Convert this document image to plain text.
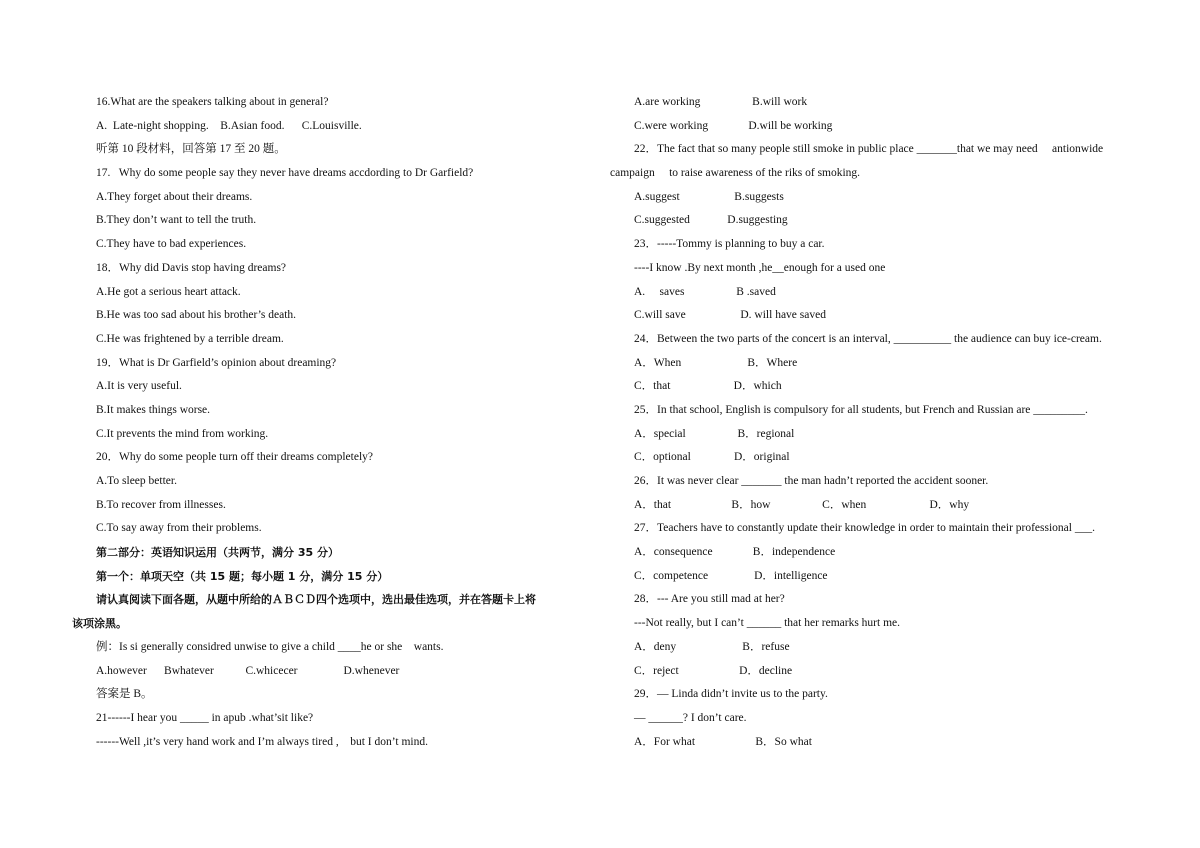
16.What are the speakers talking about in general?
A.  Late-night shopping.    B.Asian food.      C.Louisville.
听第 10 段材料，回答第 17 至 20 题。
17.   Why do some people say they never have dreams accdording to Dr Garfield?
A.They forget about their dreams.
B.They don’t want to tell the truth.
C.They have to bad experiences.
18．Why did Davis stop having dreams?
A.He got a serious heart attack.
B.He was too sad about his brother’s death.
C.He was frightened by a terrible dream.
19．What is Dr Garfield’s opinion about dreaming?
A.It is very useful.
B.It makes things worse.
C.It prevents the mind from working.
20．Why do some people turn off their dreams completely?
A.To sleep better.
B.To recover from illnesses.
C.To say away from their problems.
第二部分：英语知识运用（共两节，满分 35 分）
第一个：单项天空（共 15 题；每小题 1 分，满分 15 分）
请认真阅读下面各题，从题中所给的ＡＢＣＤ四个选项中，选出最佳选项，并在答题卡上将
该项涂黑。
例：Is si generally considred unwise to give a child ____he or she    wants.
A.however      Bwhatever           C.whicecer                D.whenever
答案是 B。
21------I hear you _____ in apub .what’sit like?
------Well ,it’s very hand work and I’m always tired ,    but I don’t mind.
A.are working                  B.will work
C.were working              D.will be working
22．The fact that so many people still smoke in public place _______that we may need     antionwide
campaign     to raise awareness of the riks of smoking.
A.suggest                   B.suggests
C.suggested             D.suggesting
23．-----Tommy is planning to buy a car.
----I know .By next month ,he__enough for a used one
A.     saves                  B .saved
C.will save                   D. will have saved
24．Between the two parts of the concert is an interval, __________ the audience can buy ice-cream.
A．When                       B．Where
C．that                      D．which
25．In that school, English is compulsory for all students, but French and Russian are _________.
A．special                  B．regional
C．optional               D．original
26．It was never clear _______ the man hadn’t reported the accident sooner.
A．that                     B．how                  C．when                      D．why
27．Teachers have to constantly update their knowledge in order to maintain their professional ___.
A．consequence              B．independence
C．competence                D．intelligence
28．--- Are you still mad at her?
---Not really, but I can’t ______ that her remarks hurt me.
A．deny                       B．refuse
C．reject                     D．decline
29．— Linda didn’t invite us to the party.
— ______? I don’t care.
A．For what                     B．So what
